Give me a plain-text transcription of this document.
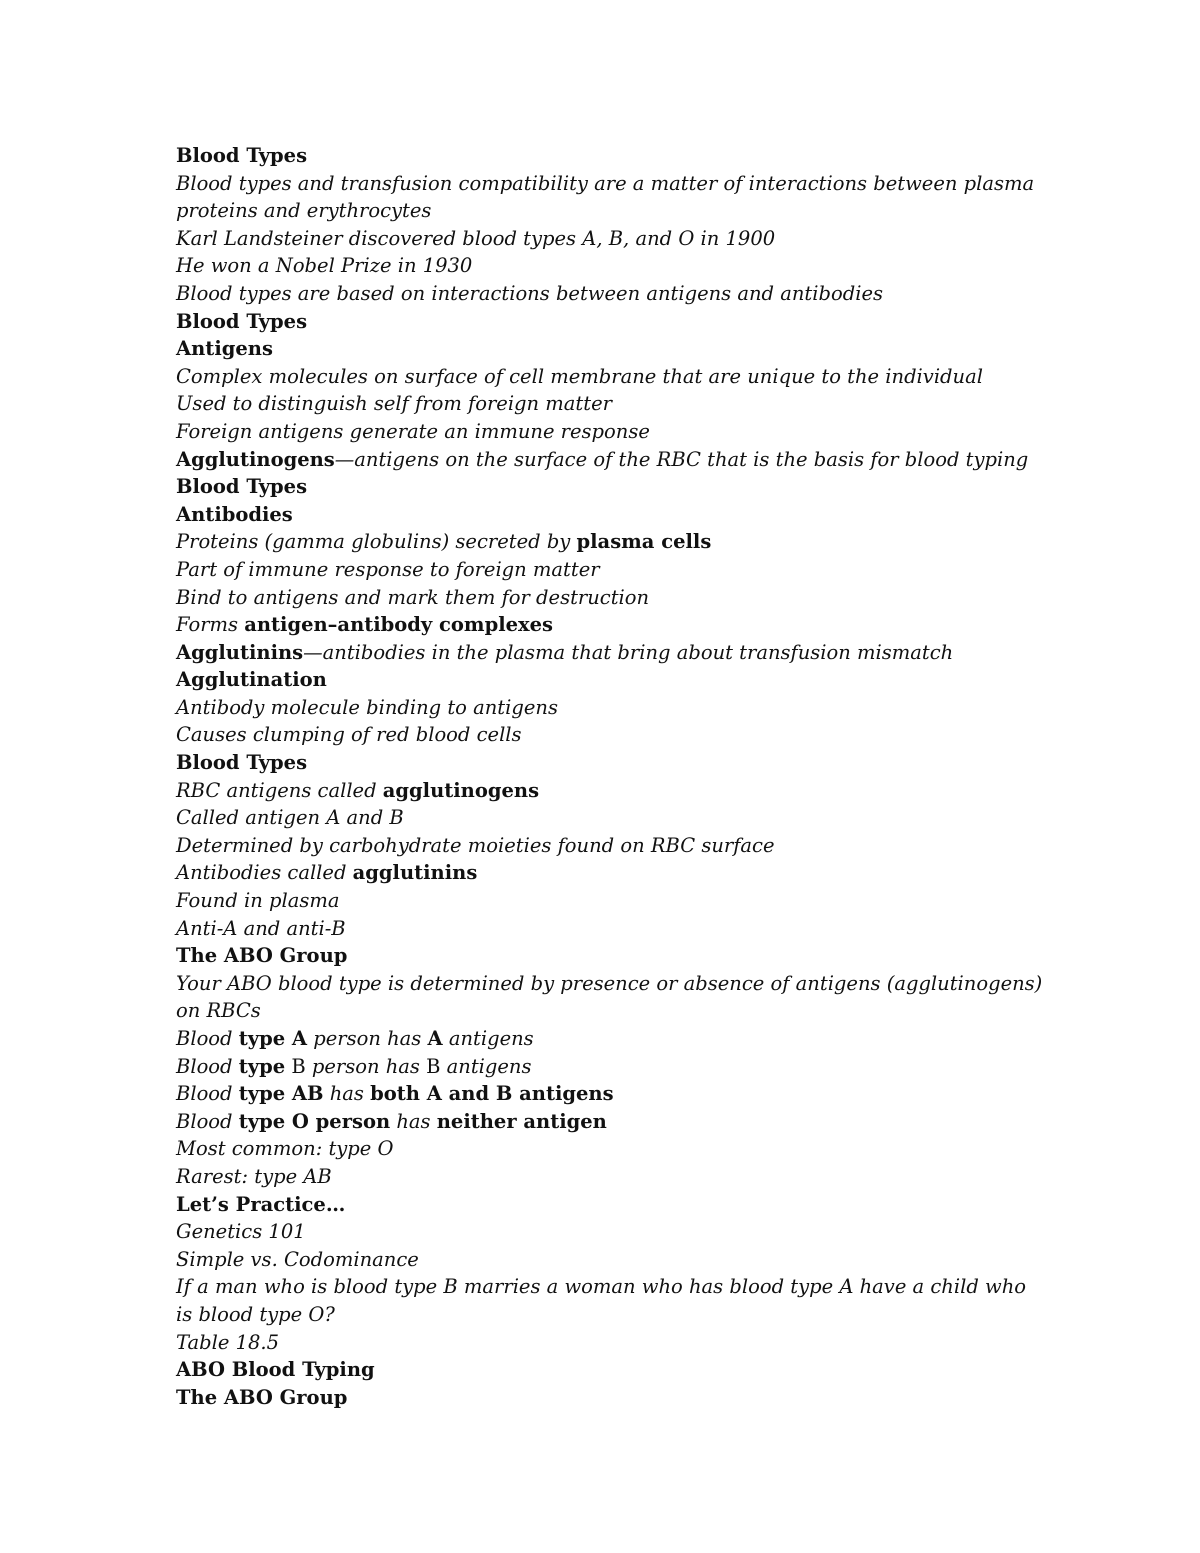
Blood Types
Blood types and transfusion compatibility are a matter of interactions between plasma proteins and erythrocytes
Karl Landsteiner discovered blood types A, B, and O in 1900
He won a Nobel Prize in 1930
Blood types are based on interactions between antigens and antibodies
Blood Types
Antigens
Complex molecules on surface of cell membrane that are unique to the individual
Used to distinguish self from foreign matter
Foreign antigens generate an immune response
Agglutinogens—antigens on the surface of the RBC that is the basis for blood typing
Blood Types
Antibodies
Proteins (gamma globulins) secreted by plasma cells
Part of immune response to foreign matter
Bind to antigens and mark them for destruction
Forms antigen–antibody complexes
Agglutinins—antibodies in the plasma that bring about transfusion mismatch
Agglutination
Antibody molecule binding to antigens
Causes clumping of red blood cells
Blood Types
RBC antigens called agglutinogens
Called antigen A and B
Determined by carbohydrate moieties found on RBC surface
Antibodies called agglutinins
Found in plasma
Anti-A and anti-B
The ABO Group
Your ABO blood type is determined by presence or absence of antigens (agglutinogens) on RBCs
Blood type A person has A antigens
Blood type B person has B antigens
Blood type AB has both A and B antigens
Blood type O person has neither antigen
Most common: type O
Rarest: type AB
Let’s Practice…
Genetics 101
Simple vs. Codominance
If a man who is blood type B marries a woman who has blood type A have a child who is blood type O?
Table 18.5
ABO Blood Typing
The ABO Group
